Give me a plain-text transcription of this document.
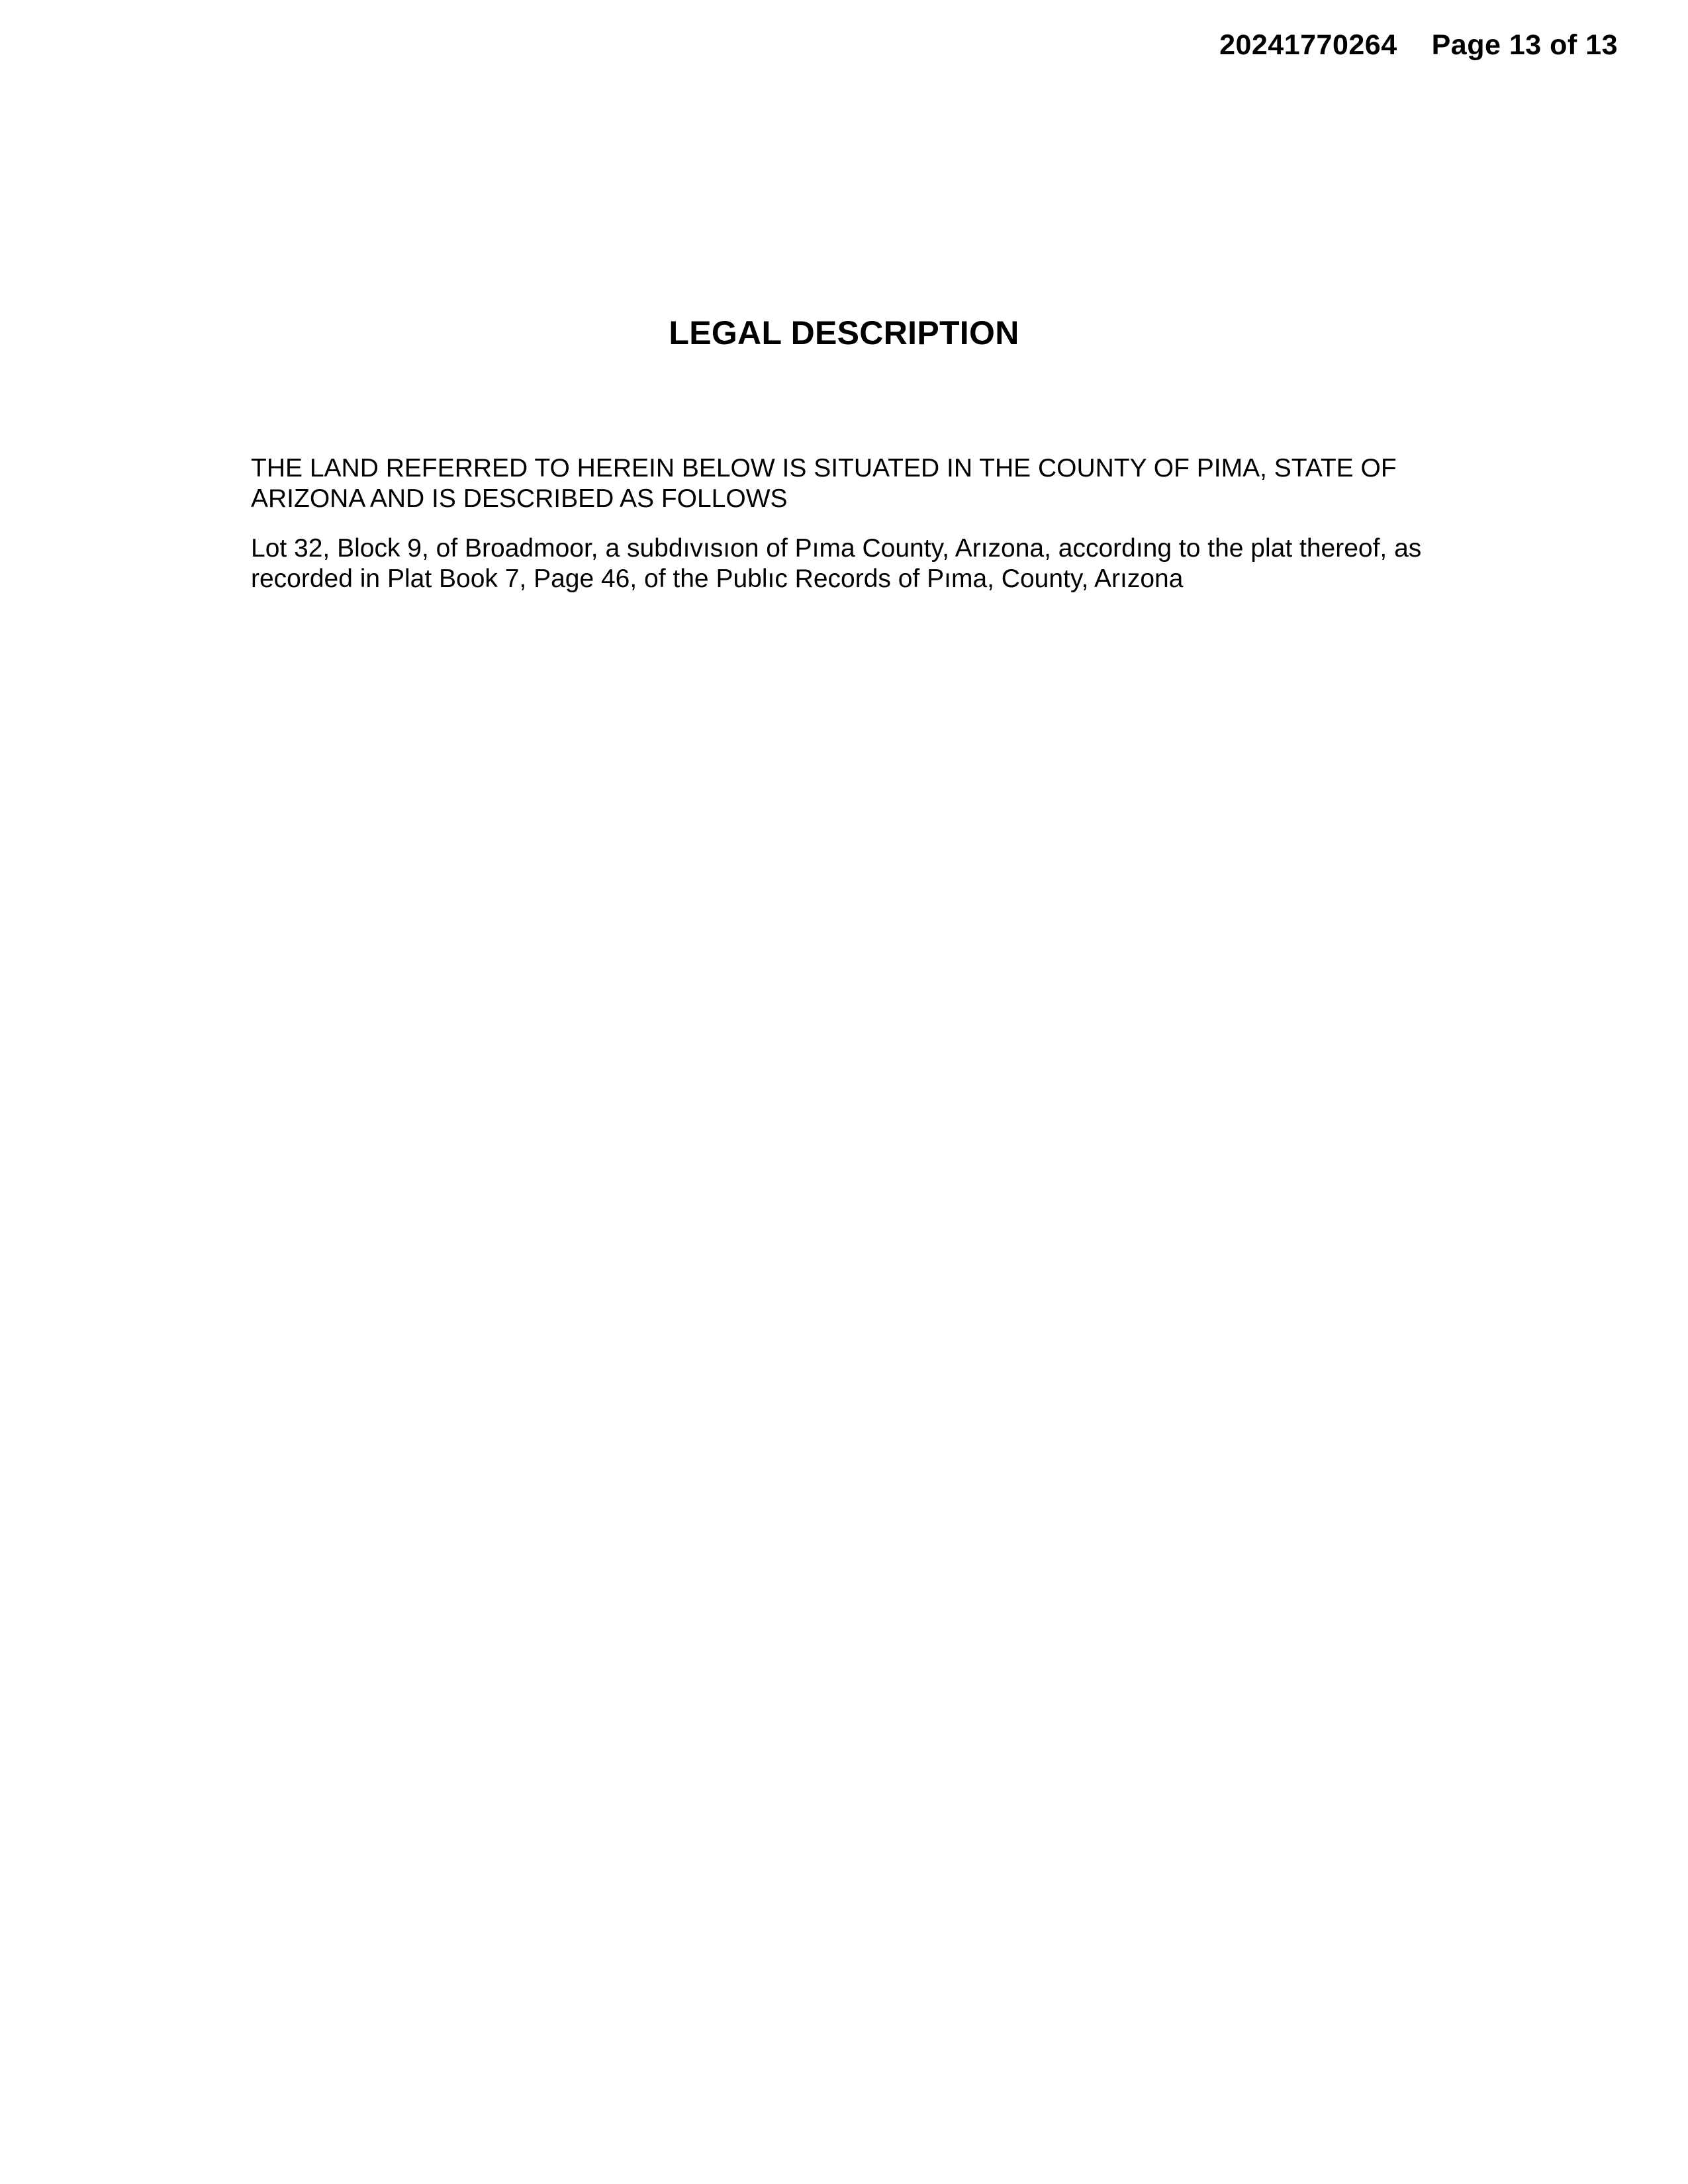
20241770264 Page 13 of 13
LEGAL DESCRIPTION
THE LAND REFERRED TO HEREIN BELOW IS SITUATED IN THE COUNTY OF PIMA, STATE OF ARIZONA AND IS DESCRIBED AS FOLLOWS
Lot 32, Block 9, of Broadmoor, a subdıvısıon of Pıma County, Arızona, accordıng to the plat thereof, as recorded in Plat Book 7, Page 46, of the Publıc Records of Pıma, County, Arızona
